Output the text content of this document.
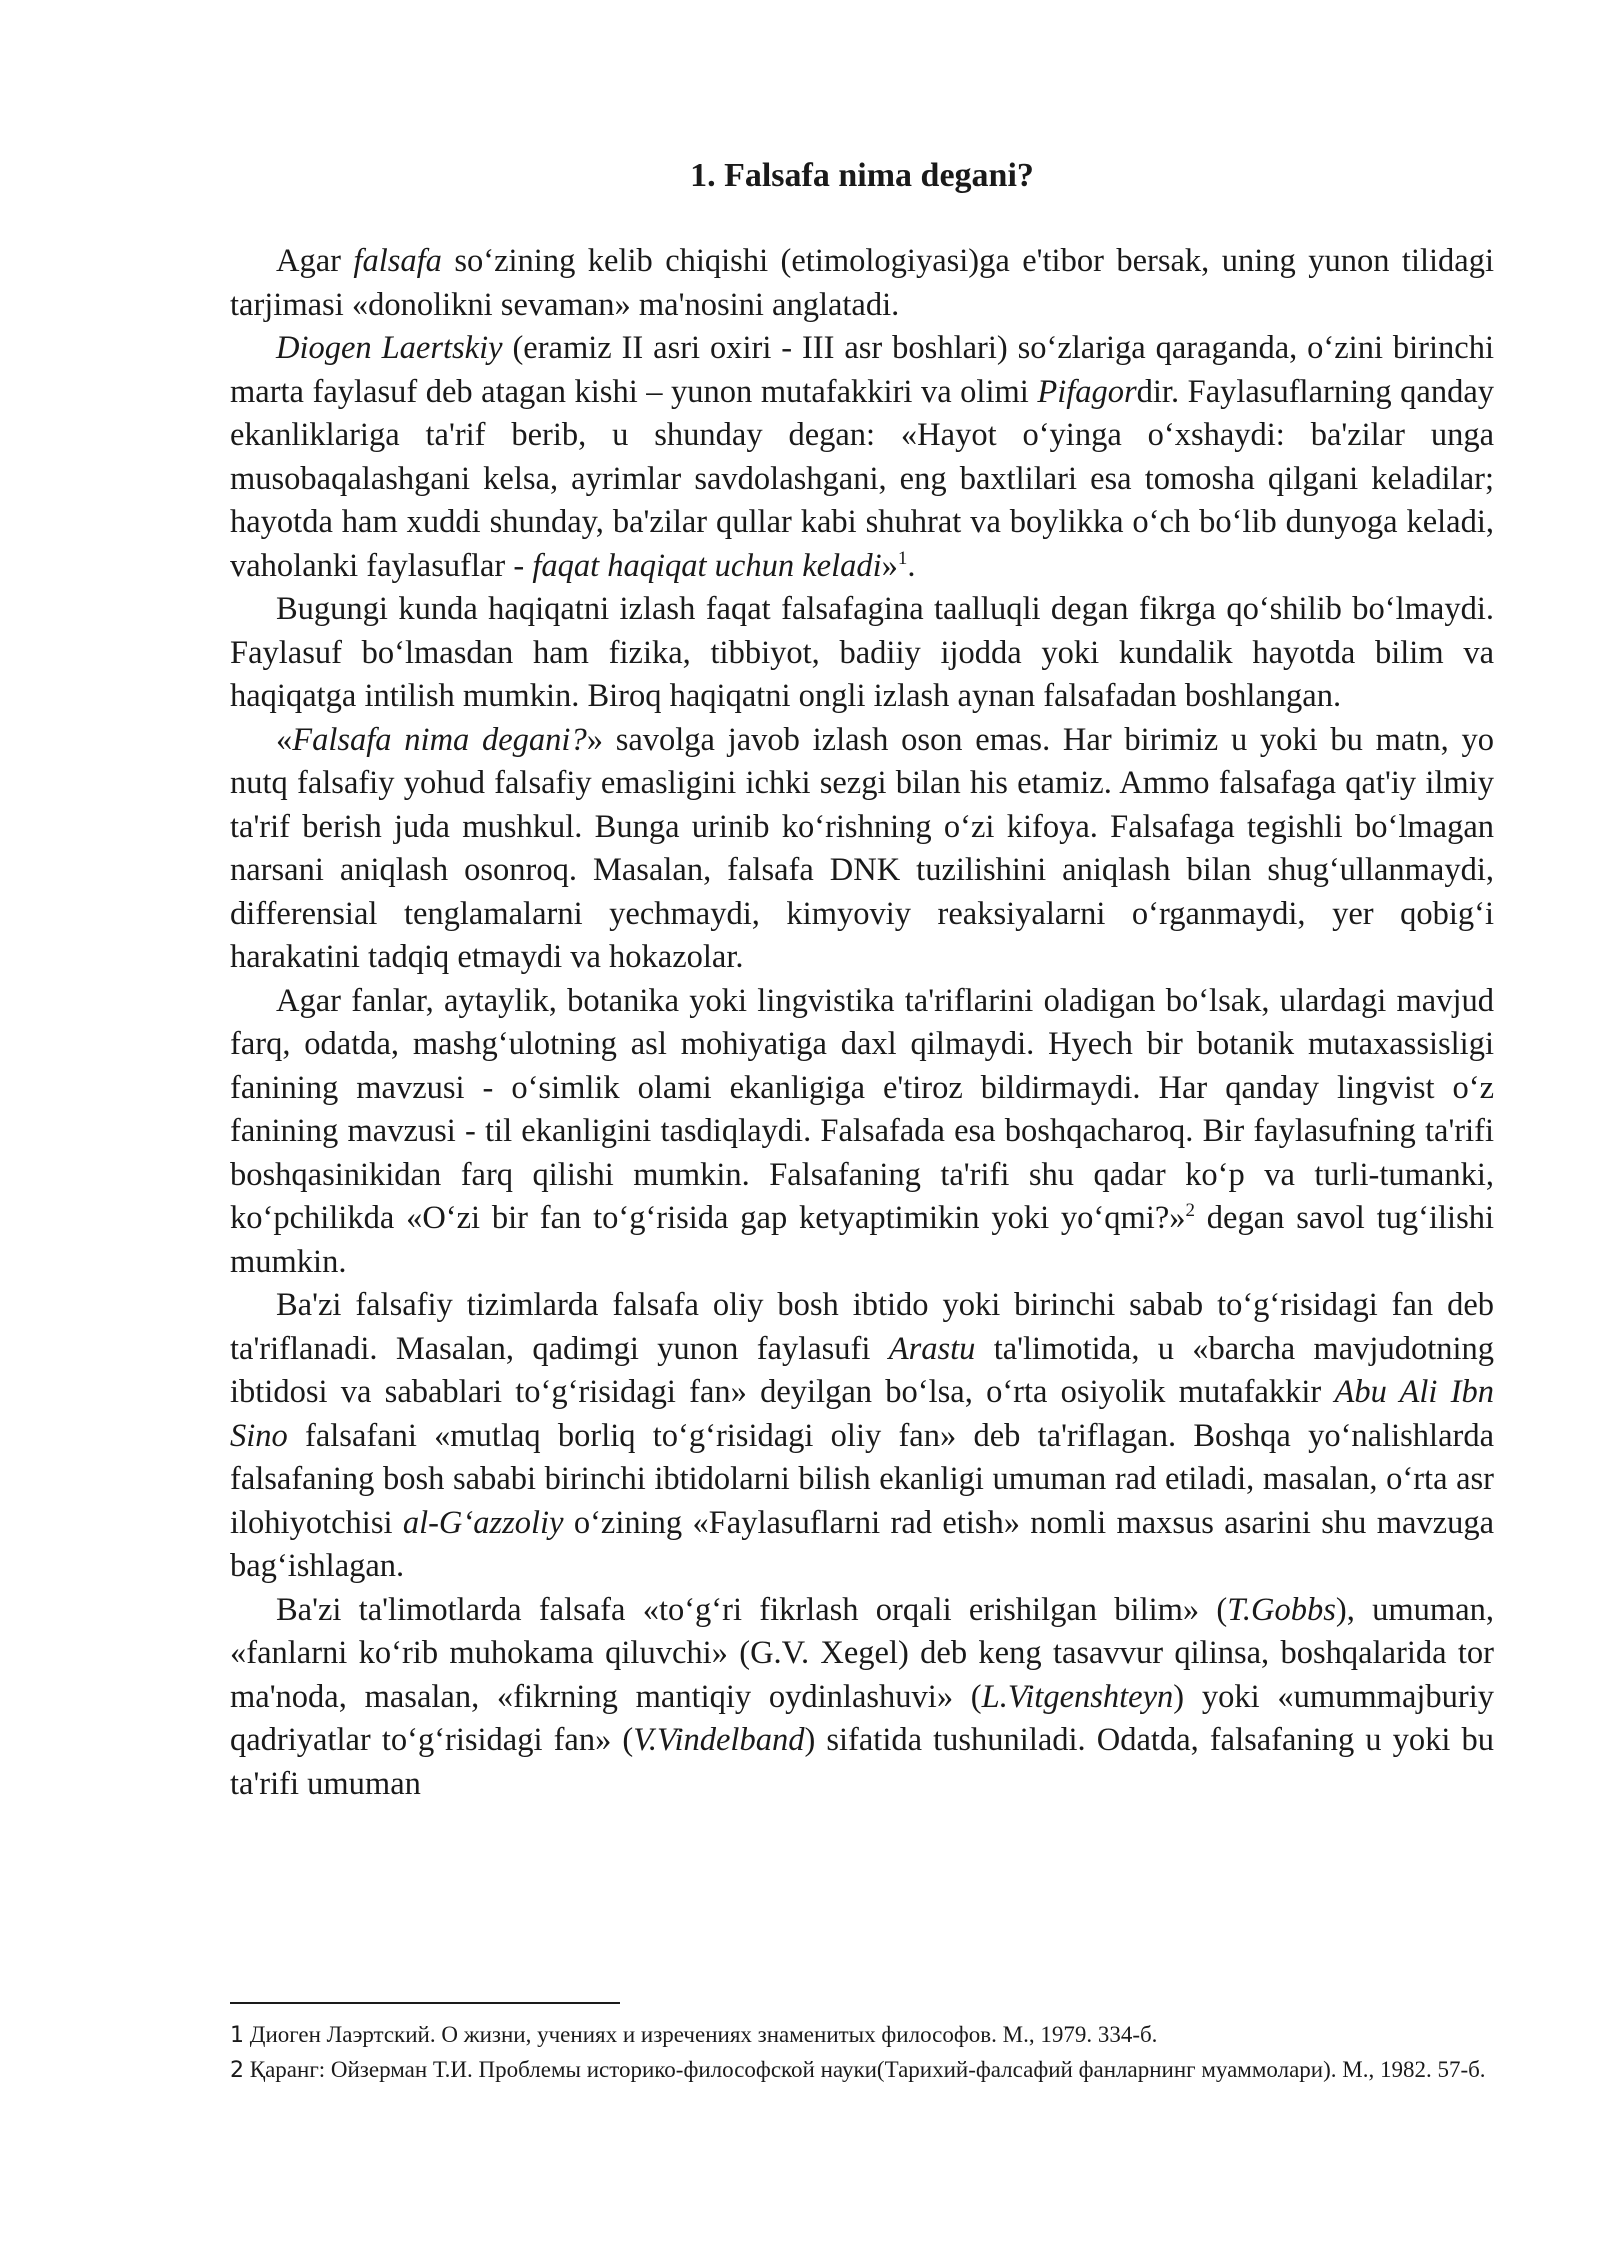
1. Falsafa nima degani?

Agar falsafa so‘zining kelib chiqishi (etimologiyasi)ga e'tibor bersak, uning yunon tilidagi tarjimasi «donolikni sevaman» ma'nosini anglatadi.

Diogen Laertskiy (eramiz II asri oxiri - III asr boshlari) so‘zlariga qaraganda, o‘zini birinchi marta faylasuf deb atagan kishi – yunon mutafakkiri va olimi Pifagordir. Faylasuflarning qanday ekanliklariga ta'rif berib, u shunday degan: «Hayot o‘yinga o‘xshaydi: ba'zilar unga musobaqalashgani kelsa, ayrimlar savdolashgani, eng baxtlilari esa tomosha qilgani keladilar; hayotda ham xuddi shunday, ba'zilar qullar kabi shuhrat va boylikka o‘ch bo‘lib dunyoga keladi, vaholanki faylasuflar - faqat haqiqat uchun keladi»$^1$.

Bugungi kunda haqiqatni izlash faqat falsafagina taalluqli degan fikrga qo‘shilib bo‘lmaydi. Faylasuf bo‘lmasdan ham fizika, tibbiyot, badiiy ijodda yoki kundalik hayotda bilim va haqiqatga intilish mumkin. Biroq haqiqatni ongli izlash aynan falsafadan boshlangan.

«Falsafa nima degani?» savolga javob izlash oson emas. Har birimiz u yoki bu matn, yo nutq falsafiy yohud falsafiy emasligini ichki sezgi bilan his etamiz. Ammo falsafaga qat'iy ilmiy ta'rif berish juda mushkul. Bunga urinib ko‘rishning o‘zi kifoya. Falsafaga tegishli bo‘lmagan narsani aniqlash osonroq. Masalan, falsafa DNK tuzilishini aniqlash bilan shug‘ullanmaydi, differensial tenglamalarni yechmaydi, kimyoviy reaksiyalarni o‘rganmaydi, yer qobig‘i harakatini tadqiq etmaydi va hokazolar.

Agar fanlar, aytaylik, botanika yoki lingvistika ta'riflarini oladigan bo‘lsak, ulardagi mavjud farq, odatda, mashg‘ulotning asl mohiyatiga daxl qilmaydi. Hyech bir botanik mutaxassisligi fanining mavzusi - o‘simlik olami ekanligiga e'tiroz bildirmaydi. Har qanday lingvist o‘z fanining mavzusi - til ekanligini tasdiqlaydi. Falsafada esa boshqacharoq. Bir faylasufning ta'rifi boshqasinikidan farq qilishi mumkin. Falsafaning ta'rifi shu qadar ko‘p va turli-tumanki, ko‘pchilikda «O‘zi bir fan to‘g‘risida gap ketyaptimikin yoki yo‘qmi?»$^2$ degan savol tug‘ilishi mumkin.

Ba'zi falsafiy tizimlarda falsafa oliy bosh ibtido yoki birinchi sabab to‘g‘risidagi fan deb ta'riflanadi. Masalan, qadimgi yunon faylasufi Arastu ta'limotida, u «barcha mavjudotning ibtidosi va sabablari to‘g‘risidagi fan» deyilgan bo‘lsa, o‘rta osiyolik mutafakkir Abu Ali Ibn Sino falsafani «mutlaq borliq to‘g‘risidagi oliy fan» deb ta'riflagan. Boshqa yo‘nalishlarda falsafaning bosh sababi birinchi ibtidolarni bilish ekanligi umuman rad etiladi, masalan, o‘rta asr ilohiyotchisi al-G‘azzoliy o‘zining «Faylasuflarni rad etish» nomli maxsus asarini shu mavzuga bag‘ishlagan.

Ba'zi ta'limotlarda falsafa «to‘g‘ri fikrlash orqali erishilgan bilim» (T.Gobbs), umuman, «fanlarni ko‘rib muhokama qiluvchi» (G.V. Xegel) deb keng tasavvur qilinsa, boshqalarida tor ma'noda, masalan, «fikrning mantiqiy oydinlashuvi» (L.Vitgenshteyn) yoki «umummajburiy qadriyatlar to‘g‘risidagi fan» (V.Vindelband) sifatida tushuniladi. Odatda, falsafaning u yoki bu ta'rifi umuman

1 Диоген Лаэртский. О жизни, учениях и изречениях знаменитых философов. М., 1979. 334-б.

2 Қаранг: Ойзерман Т.И. Проблемы историко-философской науки(Тарихий-фалсафий фанларнинг муаммолари). М., 1982. 57-б.
